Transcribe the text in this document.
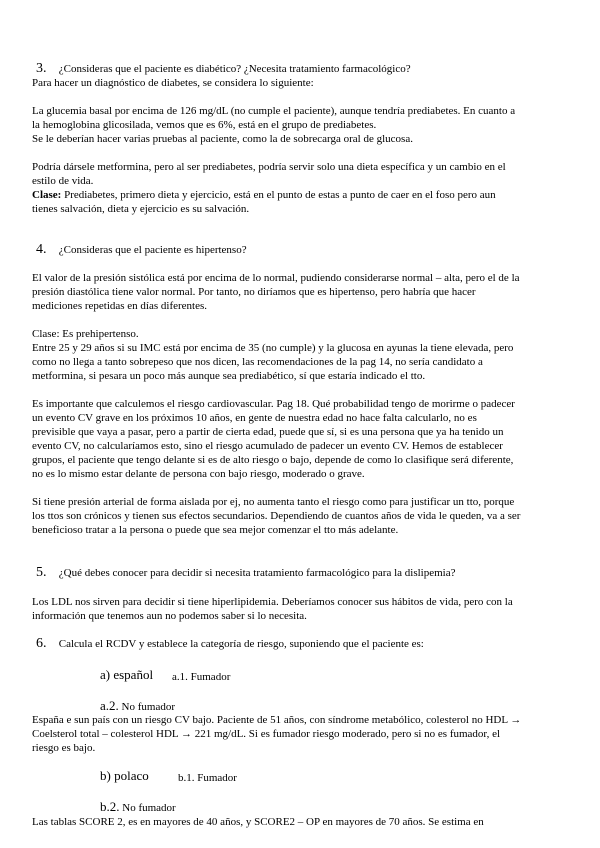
3. ¿Consideras que el paciente es diabético? ¿Necesita tratamiento farmacológico?

Para hacer un diagnóstico de diabetes, se considera lo siguiente:

La glucemia basal por encima de 126 mg/dL (no cumple el paciente), aunque tendría prediabetes. En cuanto a

la hemoglobina glicosilada, vemos que es 6%, está en el grupo de prediabetes.

Se le deberían hacer varias pruebas al paciente, como la de sobrecarga oral de glucosa.

Podría dársele metformina, pero al ser prediabetes, podría servir solo una dieta específica y un cambio en el

estilo de vida.

Clase: Prediabetes, primero dieta y ejercicio, está en el punto de estas a punto de caer en el foso pero aun

tienes salvación, dieta y ejercicio es su salvación.

4. ¿Consideras que el paciente es hipertenso?

El valor de la presión sistólica está por encima de lo normal, pudiendo considerarse normal – alta, pero el de la

presión diastólica tiene valor normal. Por tanto, no diríamos que es hipertenso, pero habría que hacer

mediciones repetidas en días diferentes.

Clase: Es prehipertenso.

Entre 25 y 29 años si su IMC está por encima de 35 (no cumple) y la glucosa en ayunas la tiene elevada, pero

como no llega a tanto sobrepeso que nos dicen, las recomendaciones de la pag 14, no sería candidato a

metformina, si pesara un poco más aunque sea prediabético, sí que estaría indicado el tto.

Es importante que calculemos el riesgo cardiovascular. Pag 18. Qué probabilidad tengo de morirme o padecer

un evento CV grave en los próximos 10 años, en gente de nuestra edad no hace falta calcularlo, no es

previsible que vaya a pasar, pero a partir de cierta edad, puede que sí, si es una persona que ya ha tenido un

evento CV, no calcularíamos esto, sino el riesgo acumulado de padecer un evento CV. Hemos de establecer

grupos, el paciente que tengo delante si es de alto riesgo o bajo, depende de como lo clasifique será diferente,

no es lo mismo estar delante de persona con bajo riesgo, moderado o grave.

Si tiene presión arterial de forma aislada por ej, no aumenta tanto el riesgo como para justificar un tto, porque

los ttos son crónicos y tienen sus efectos secundarios. Dependiendo de cuantos años de vida le queden, va a ser

beneficioso tratar a la persona o puede que sea mejor comenzar el tto más adelante.

5. ¿Qué debes conocer para decidir si necesita tratamiento farmacológico para la dislipemia?

Los LDL nos sirven para decidir si tiene hiperlipidemia. Deberíamos conocer sus hábitos de vida, pero con la

información que tenemos aun no podemos saber si lo necesita.

6. Calcula el RCDV y establece la categoría de riesgo, suponiendo que el paciente es:
a) español a.1. Fumador
a.2. No fumador

España e sun país con un riesgo CV bajo. Paciente de 51 años, con síndrome metabólico, colesterol no HDL →

Coelsterol total – colesterol HDL → 221 mg/dL. Si es fumador riesgo moderado, pero si no es fumador, el

riesgo es bajo.

b) polaco	b.1. Fumador
b.2. No fumador

Las tablas SCORE 2, es en mayores de 40 años, y SCORE2 – OP en mayores de 70 años. Se estima en
